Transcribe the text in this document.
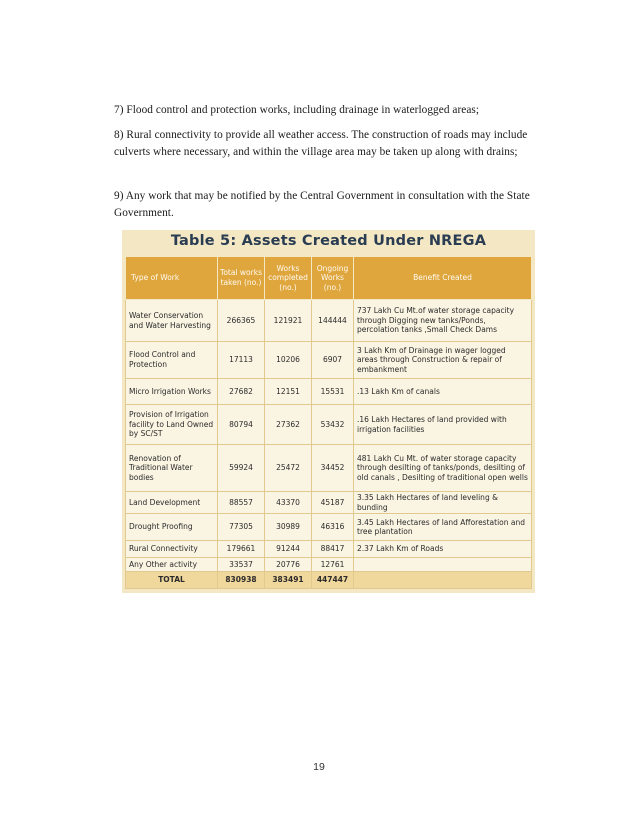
7) Flood control and protection works, including drainage in waterlogged areas;

8) Rural connectivity to provide all weather access. The construction of roads may include culverts where necessary, and within the village area may be taken up along with drains;

9) Any work that may be notified by the Central Government in consultation with the State Government.

Table 5: Assets Created Under NREGA
Type of Work	Total works taken (no.)	Works completed (no.)	Ongoing Works (no.)	Benefit Created
Water Conservation and Water Harvesting	266365	121921	144444	737 Lakh Cu Mt.of water storage capacity through Digging new tanks/Ponds, percolation tanks ,Small Check Dams
Flood Control and Protection	17113	10206	6907	3 Lakh Km of Drainage in wager logged areas through Construction & repair of embankment
Micro Irrigation Works	27682	12151	15531	.13 Lakh Km of canals
Provision of Irrigation facility to Land Owned by SC/ST	80794	27362	53432	.16 Lakh Hectares of land provided with irrigation facilities
Renovation of Traditional Water bodies	59924	25472	34452	481 Lakh Cu Mt. of water storage capacity through desilting of tanks/ponds, desilting of old canals , Desilting of traditional open wells
Land Development	88557	43370	45187	3.35 Lakh Hectares of land leveling & bunding
Drought Proofing	77305	30989	46316	3.45 Lakh Hectares of land Afforestation and tree plantation
Rural Connectivity	179661	91244	88417	2.37 Lakh Km of Roads
Any Other activity	33537	20776	12761	
TOTAL	830938	383491	447447	
19
